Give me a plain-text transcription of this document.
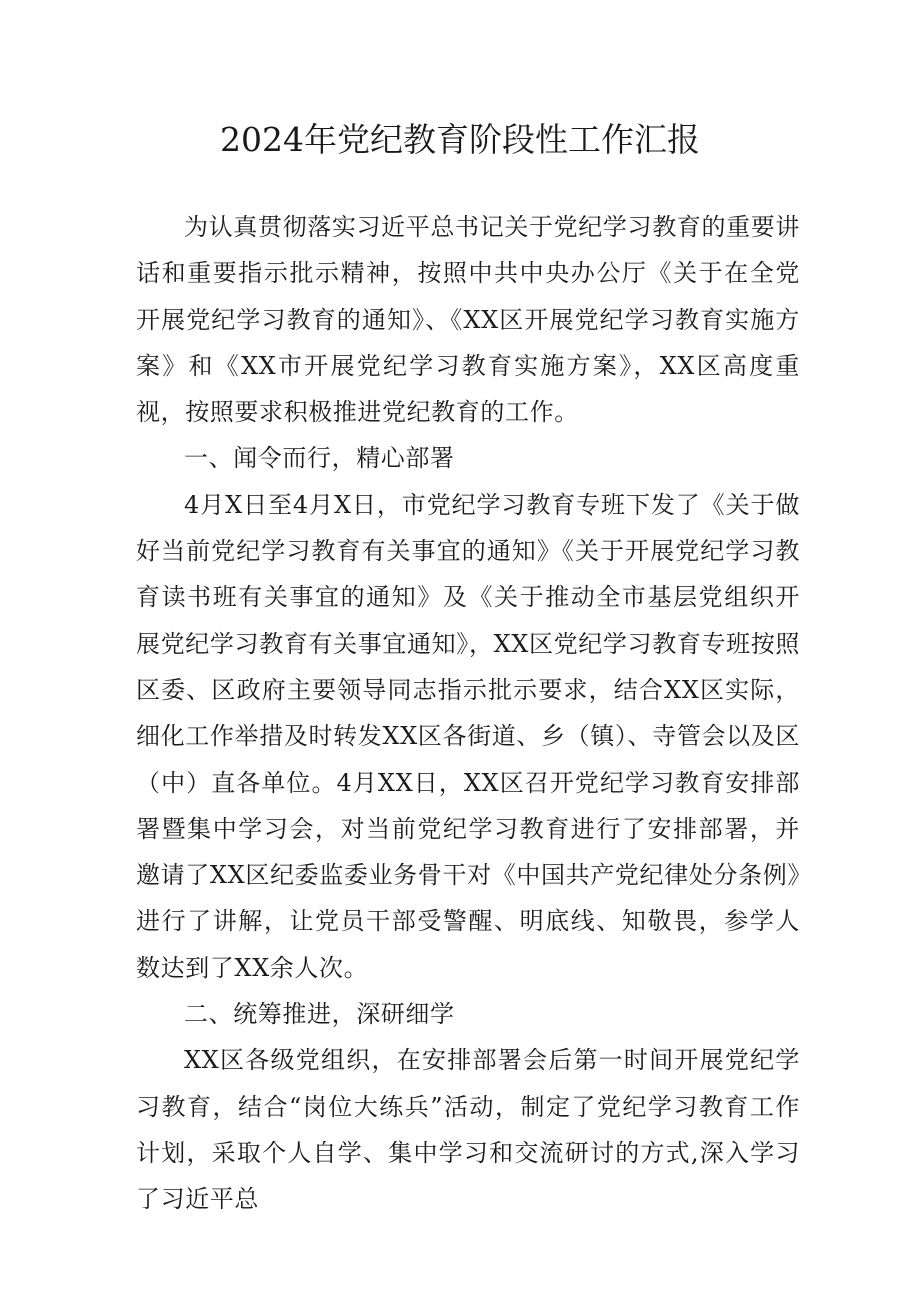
2024年党纪教育阶段性工作汇报

为认真贯彻落实习近平总书记关于党纪学习教育的重要讲话和重要指示批示精神，按照中共中央办公厅《关于在全党开展党纪学习教育的通知》、《XX区开展党纪学习教育实施方案》和《XX市开展党纪学习教育实施方案》，XX区高度重视，按照要求积极推进党纪教育的工作。

一、闻令而行，精心部署

4月X日至4月X日，市党纪学习教育专班下发了《关于做好当前党纪学习教育有关事宜的通知》《关于开展党纪学习教育读书班有关事宜的通知》及《关于推动全市基层党组织开展党纪学习教育有关事宜通知》，XX区党纪学习教育专班按照区委、区政府主要领导同志指示批示要求，结合XX区实际，细化工作举措及时转发XX区各街道、乡（镇）、寺管会以及区（中）直各单位。4月XX日，XX区召开党纪学习教育安排部署暨集中学习会，对当前党纪学习教育进行了安排部署，并邀请了XX区纪委监委业务骨干对《中国共产党纪律处分条例》进行了讲解，让党员干部受警醒、明底线、知敬畏，参学人数达到了XX余人次。

二、统筹推进，深研细学

XX区各级党组织，在安排部署会后第一时间开展党纪学习教育，结合“岗位大练兵”活动，制定了党纪学习教育工作计划，采取个人自学、集中学习和交流研讨的方式,深入学习了习近平总
